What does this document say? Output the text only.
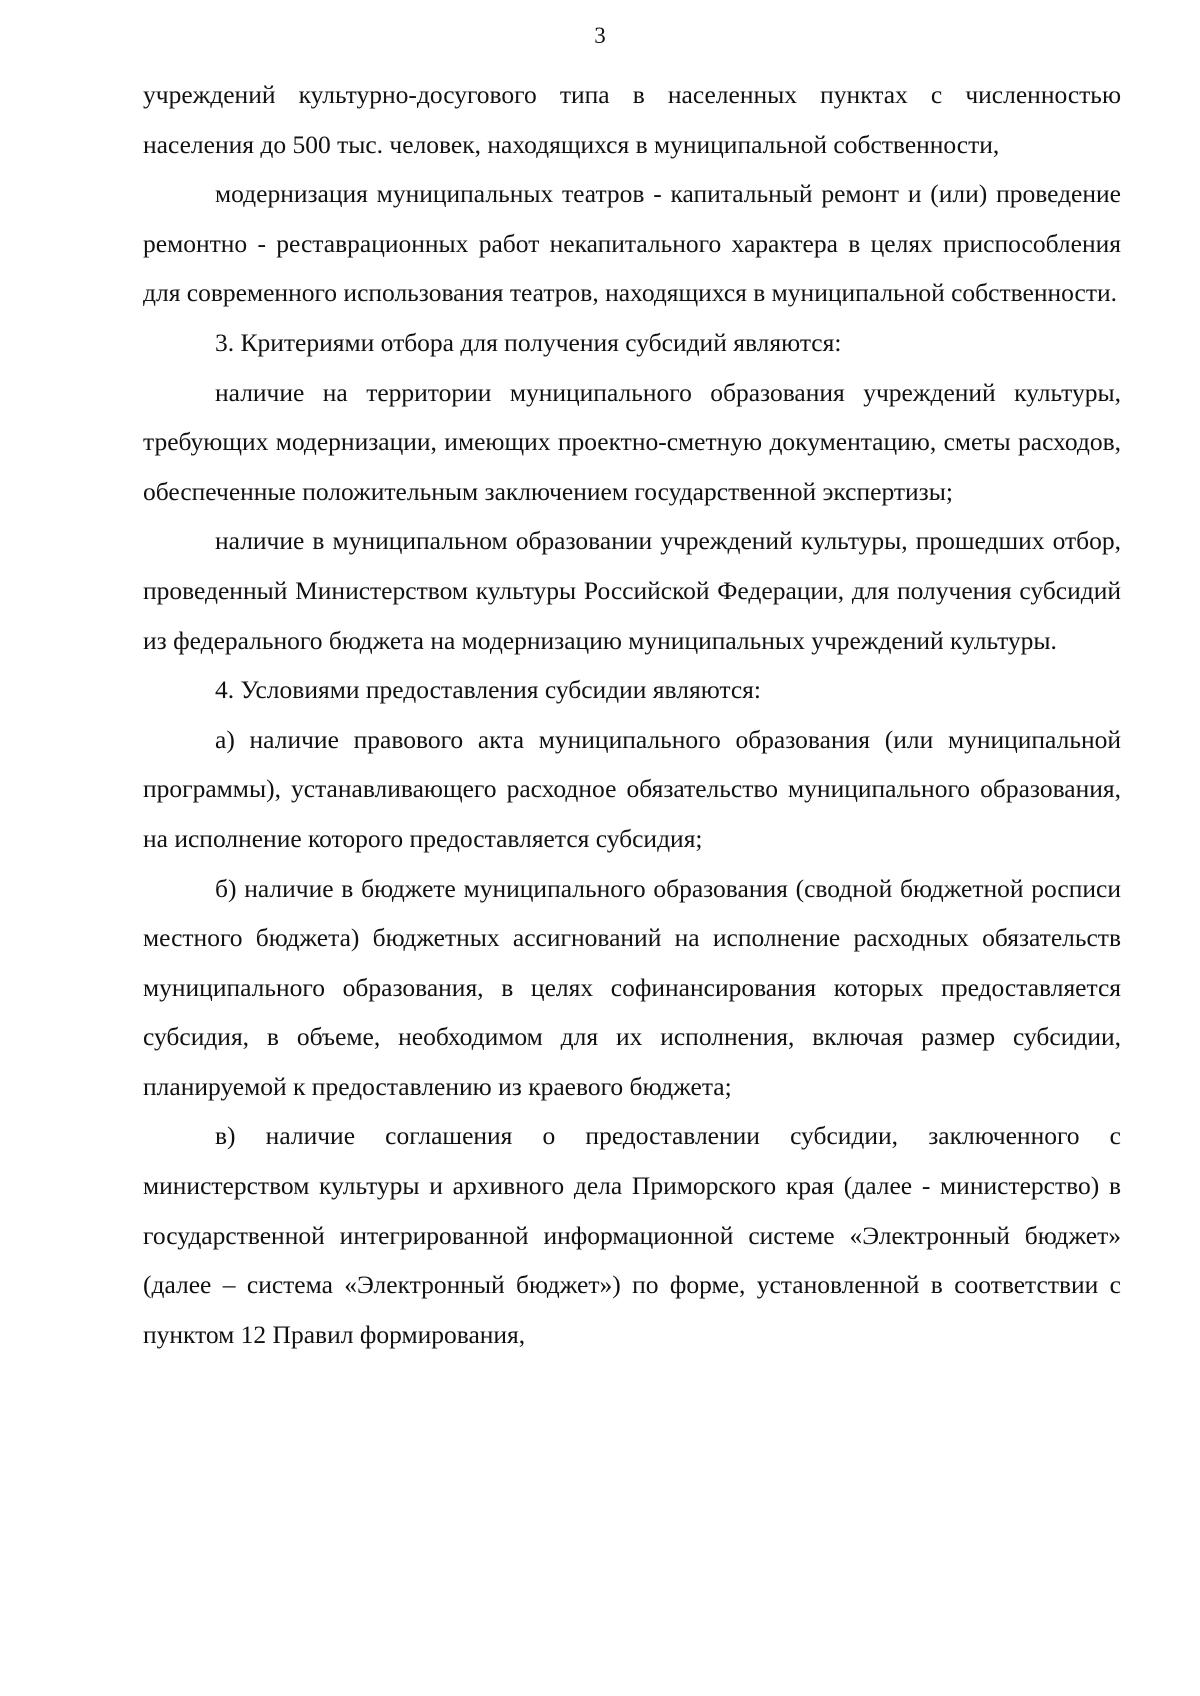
3

учреждений культурно-досугового типа в населенных пунктах с численностью населения до 500 тыс. человек, находящихся в муниципальной собственности,

модернизация муниципальных театров - капитальный ремонт и (или) проведение ремонтно - реставрационных работ некапитального характера в целях приспособления для современного использования театров, находящихся в муниципальной собственности.

3. Критериями отбора для получения субсидий являются:

наличие на территории муниципального образования учреждений культуры, требующих модернизации, имеющих проектно-сметную документацию, сметы расходов, обеспеченные положительным заключением государственной экспертизы;

наличие в муниципальном образовании учреждений культуры, прошедших отбор, проведенный Министерством культуры Российской Федерации, для получения субсидий из федерального бюджета на модернизацию муниципальных учреждений культуры.

4. Условиями предоставления субсидии являются:

а) наличие правового акта муниципального образования (или муниципальной программы), устанавливающего расходное обязательство муниципального образования, на исполнение которого предоставляется субсидия;

б) наличие в бюджете муниципального образования (сводной бюджетной росписи местного бюджета) бюджетных ассигнований на исполнение расходных обязательств муниципального образования, в целях софинансирования которых предоставляется субсидия, в объеме, необходимом для их исполнения, включая размер субсидии, планируемой к предоставлению из краевого бюджета;

в) наличие соглашения о предоставлении субсидии, заключенного с министерством культуры и архивного дела Приморского края (далее - министерство) в государственной интегрированной информационной системе «Электронный бюджет» (далее – система «Электронный бюджет») по форме, установленной в соответствии с пунктом 12 Правил формирования,
